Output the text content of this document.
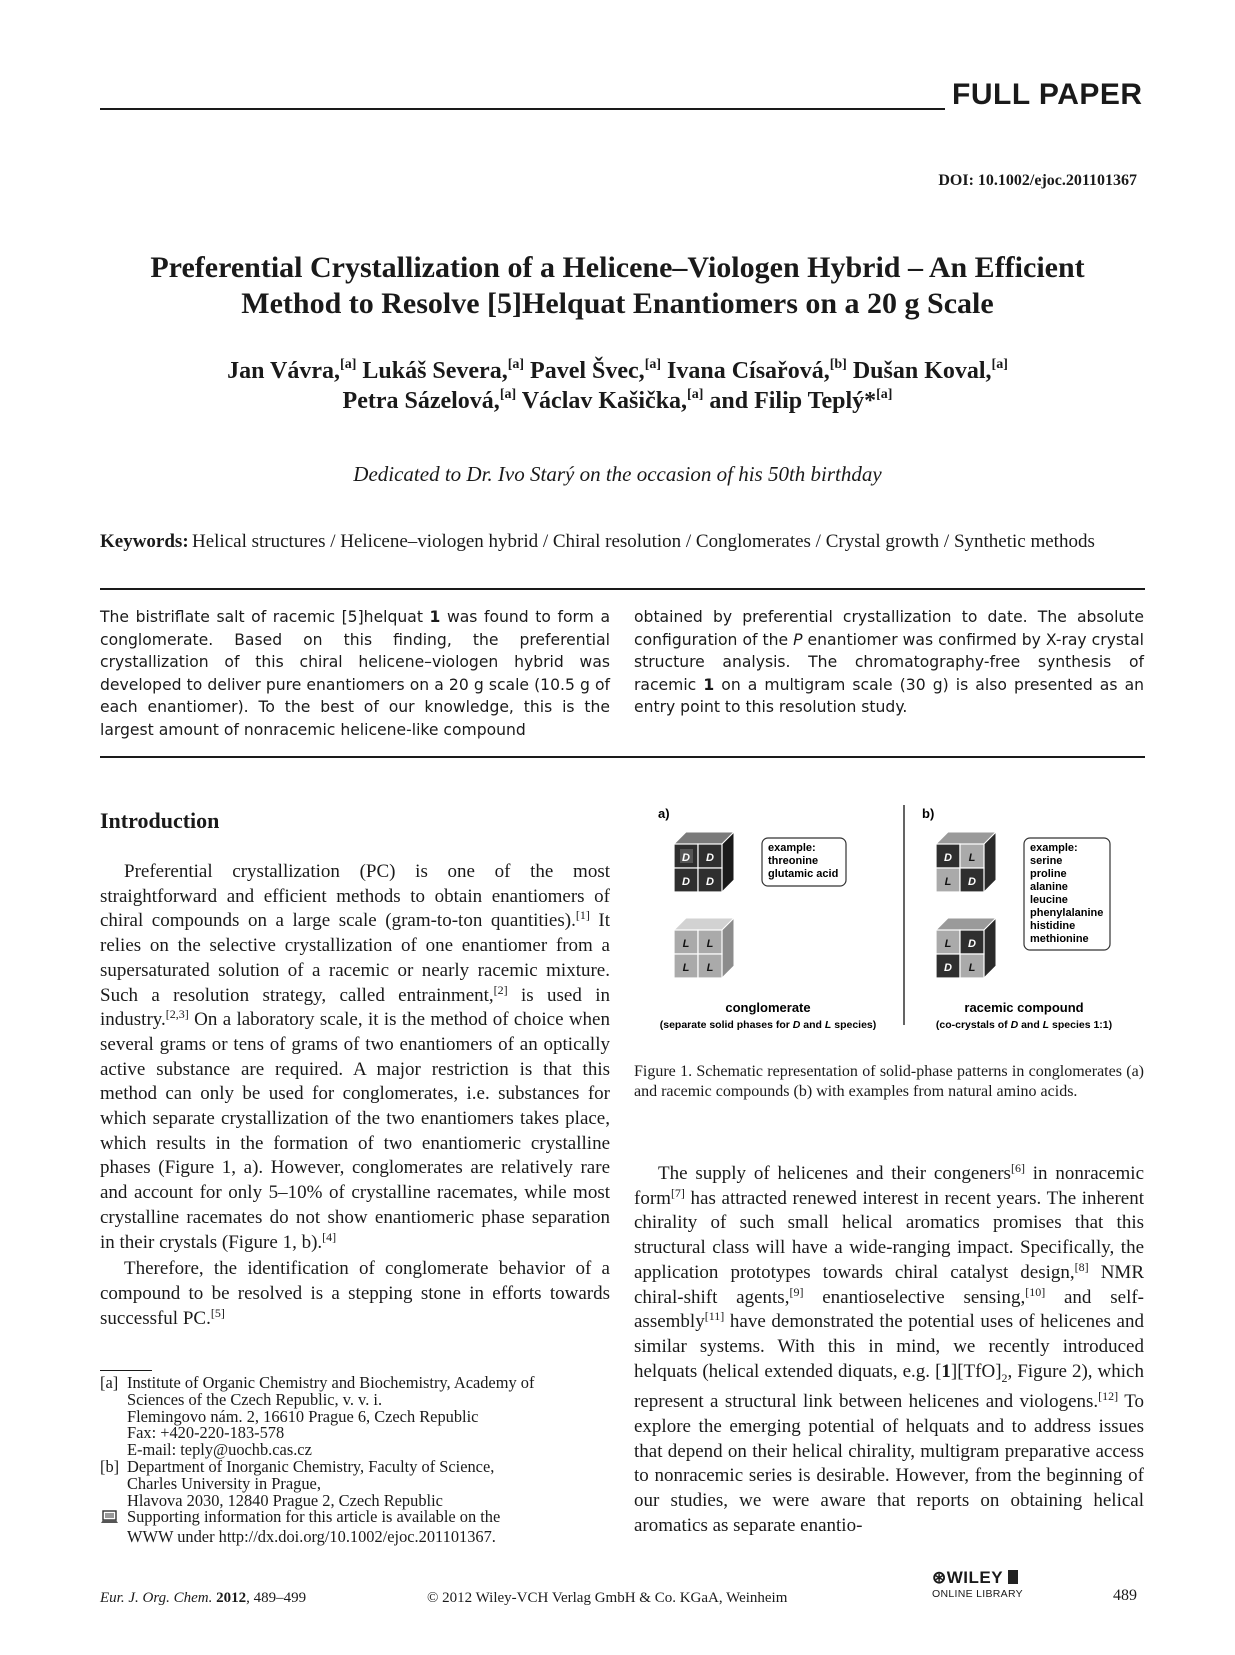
FULL PAPER
DOI: 10.1002/ejoc.201101367
Preferential Crystallization of a Helicene–Viologen Hybrid – An Efficient
Method to Resolve [5]Helquat Enantiomers on a 20 g Scale
Jan Vávra,[a] Lukáš Severa,[a] Pavel Švec,[a] Ivana Císařová,[b] Dušan Koval,[a]
Petra Sázelová,[a] Václav Kašička,[a] and Filip Teplý*[a]
Dedicated to Dr. Ivo Starý on the occasion of his 50th birthday
Keywords: Helical structures / Helicene–viologen hybrid / Chiral resolution / Conglomerates / Crystal growth / Synthetic methods
The bistriflate salt of racemic [5]helquat 1 was found to form a conglomerate. Based on this finding, the preferential crystallization of this chiral helicene–viologen hybrid was developed to deliver pure enantiomers on a 20 g scale (10.5 g of each enantiomer). To the best of our knowledge, this is the largest amount of nonracemic helicene-like compound
obtained by preferential crystallization to date. The absolute configuration of the P enantiomer was confirmed by X-ray crystal structure analysis. The chromatography-free synthesis of racemic 1 on a multigram scale (30 g) is also presented as an entry point to this resolution study.
Introduction

Preferential crystallization (PC) is one of the most straightforward and efficient methods to obtain enantiomers of chiral compounds on a large scale (gram-to-ton quantities).[1] It relies on the selective crystallization of one enantiomer from a supersaturated solution of a racemic or nearly racemic mixture. Such a resolution strategy, called entrainment,[2] is used in industry.[2,3] On a laboratory scale, it is the method of choice when several grams or tens of grams of two enantiomers of an optically active substance are required. A major restriction is that this method can only be used for conglomerates, i.e. substances for which separate crystallization of the two enantiomers takes place, which results in the formation of two enantiomeric crystalline phases (Figure 1, a). However, conglomerates are relatively rare and account for only 5–10% of crystalline racemates, while most crystalline racemates do not show enantiomeric phase separation in their crystals (Figure 1, b).[4]

Therefore, the identification of conglomerate behavior of a compound to be resolved is a stepping stone in efforts towards successful PC.[5]

[a] Institute of Organic Chemistry and Biochemistry, Academy of
Sciences of the Czech Republic, v. v. i.
Flemingovo nám. 2, 16610 Prague 6, Czech Republic
Fax: +420-220-183-578
E-mail: teply@uochb.cas.cz
[b] Department of Inorganic Chemistry, Faculty of Science,
Charles University in Prague,
Hlavova 2030, 12840 Prague 2, Czech Republic
Supporting information for this article is available on the
WWW under http://dx.doi.org/10.1002/ejoc.201101367.
a)	b)
D D
D D
example:
threonine
glutamic acid
L L
L L
conglomerate
(separate solid phases for D and L species)
D L
L D
example:
serine
proline
alanine
leucine
phenylalanine
histidine
methionine
L D
D L
racemic compound
(co-crystals of D and L species 1:1)
Figure 1. Schematic representation of solid-phase patterns in conglomerates (a) and racemic compounds (b) with examples from natural amino acids.

The supply of helicenes and their congeners[6] in nonracemic form[7] has attracted renewed interest in recent years. The inherent chirality of such small helical aromatics promises that this structural class will have a wide-ranging impact. Specifically, the application prototypes towards chiral catalyst design,[8] NMR chiral-shift agents,[9] enantioselective sensing,[10] and self-assembly[11] have demonstrated the potential uses of helicenes and similar systems. With this in mind, we recently introduced helquats (helical extended diquats, e.g. $[1][TfO]_2$, Figure 2), which represent a structural link between helicenes and viologens.[12] To explore the emerging potential of helquats and to address issues that depend on their helical chirality, multigram preparative access to nonracemic series is desirable. However, from the beginning of our studies, we were aware that reports on obtaining helical aromatics as separate enantio-

Eur. J. Org. Chem. 2012, 489–499	© 2012 Wiley-VCH Verlag GmbH & Co. KGaA, Weinheim
⊛WILEY
ONLINE LIBRARY	489
